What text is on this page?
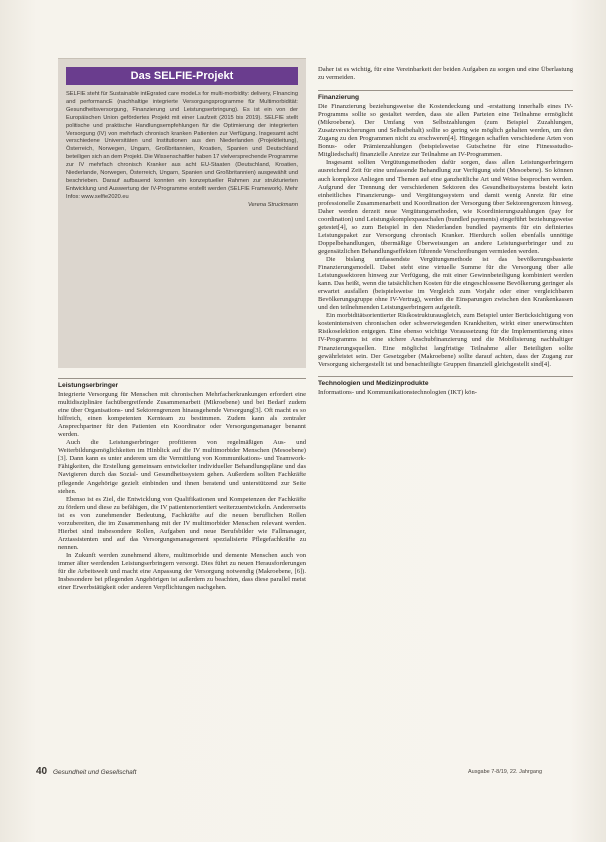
Das SELFIE-Projekt
SELFIE steht für Sustainable intEgrated care modeLs for multi-morbidity: delivery, FInancing and performancE (nachhaltige integrierte Versorgungsprogramme für Multimorbidität: Gesundheitsversorgung, Finanzierung und Leistungserbringung). Es ist ein von der Europäischen Union gefördertes Projekt mit einer Laufzeit (2015 bis 2019). SELFIE stellt politische und praktische Handlungsempfehlungen für die Optimierung der integrierten Versorgung (IV) von mehrfach chronisch kranken Patienten zur Verfügung. Insgesamt acht verschiedene Universitäten und Institutionen aus den Niederlanden (Projektleitung), Österreich, Norwegen, Ungarn, Großbritannien, Kroatien, Spanien und Deutschland beteiligen sich an dem Projekt. Die Wissenschaftler haben 17 vielversprechende Programme zur IV mehrfach chronisch Kranker aus acht EU-Staaten (Deutschland, Kroatien, Niederlande, Norwegen, Österreich, Ungarn, Spanien und Großbritannien) ausgewählt und beschrieben. Darauf aufbauend konnten ein konzeptueller Rahmen zur strukturierten Entwicklung und Auswertung der IV-Programme erstellt werden (SELFIE Framework). Mehr Infos: www.selfie2020.eu
Verena Struckmann
Leistungserbringer

Integrierte Versorgung für Menschen mit chronischen Mehrfacherkrankungen erfordert eine multidisziplinäre fachübergreifende Zusammenarbeit (Mikroebene) und bei Bedarf zudem eine über Organisations- und Sektorengrenzen hinausgehende Versorgung[3]. Oft macht es so hilfreich, einen kompetenten Kernteam zu bestimmen. Zudem kann als zentraler Ansprechpartner für den Patienten ein Koordinator oder Versorgungsmanager benannt werden.

Auch die Leistungserbringer profitieren von regelmäßigen Aus- und Weiterbildungsmöglichkeiten im Hinblick auf die IV multimorbider Menschen (Mesoebene)[3]. Dann kann es unter anderem um die Vermittlung von Kommunikations- und Teamwork-Fähigkeiten, die Erstellung gemeinsam entwickelter individueller Behandlungspläne und das Navigieren durch das Sozial- und Gesundheitssystem gehen. Außerdem sollten Fachkräfte pflegende Angehörige gezielt einbinden und ihnen beratend und unterstützend zur Seite stehen.

Ebenso ist es Ziel, die Entwicklung von Qualifikationen und Kompetenzen der Fachkräfte zu fördern und diese zu befähigen, die IV patientenorientiert weiterzuentwickeln. Andererseits ist es von zunehmender Bedeutung, Fachkräfte auf die neuen beruflichen Rollen vorzubereiten, die im Zusammenhang mit der IV multimorbider Menschen relevant werden. Hierbei sind insbesondere Rollen, Aufgaben und neue Berufsbilder wie Fallmanager, Arztassistenten und auf das Versorgungsmanagement spezialisierte Pflegefachkräfte zu nennen.

In Zukunft werden zunehmend ältere, multimorbide und demente Menschen auch von immer älter werdenden Leistungserbringern versorgt. Dies führt zu neuen Herausforderungen für die Arbeitswelt und macht eine Anpassung der Versorgung notwendig (Makroebene, [6]). Insbesondere bei pflegenden Angehörigen ist außerdem zu beachten, dass diese parallel meist einer Erwerbstätigkeit oder anderen Verpflichtungen nachgehen.

Daher ist es wichtig, für eine Vereinbarkeit der beiden Aufgaben zu sorgen und eine Überlastung zu vermeiden.

Finanzierung

Die Finanzierung beziehungsweise die Kostendeckung und -erstattung innerhalb eines IV-Programms sollte so gestaltet werden, dass sie allen Parteien eine Teilnahme ermöglicht (Mikroebene). Der Umfang von Selbstzahlungen (zum Beispiel Zuzahlungen, Zusatzversicherungen und Selbstbehalt) sollte so gering wie möglich gehalten werden, um den Zugang zu den Programmen nicht zu erschweren[4]. Hingegen schaffen verschiedene Arten von Bonus- oder Prämienzahlungen (beispielsweise Gutscheine für eine Fitnessstudio-Mitgliedschaft) finanzielle Anreize zur Teilnahme an IV-Programmen.

Insgesamt sollten Vergütungsmethoden dafür sorgen, dass allen Leistungserbringern ausreichend Zeit für eine umfassende Behandlung zur Verfügung steht (Mesoebene). So können auch komplexe Anliegen und Themen auf eine ganzheitliche Art und Weise besprochen werden. Aufgrund der Trennung der verschiedenen Sektoren des Gesundheitssystems besteht kein einheitliches Finanzierungs- und Vergütungssystem und damit wenig Anreiz für eine professionelle Zusammenarbeit und Koordination der Versorgung über Sektorengrenzen hinweg. Daher werden derzeit neue Vergütungsmethoden, wie Koordinierungszahlungen (pay for coordination) und Leistungskomplexpauschalen (bundled payments) eingeführt beziehungsweise getestet[4], so zum Beispiel in den Niederlanden bundled payments für ein definiertes Leistungspaket zur Versorgung chronisch Kranker. Hierdurch sollen ebenfalls unnötige Doppelbehandlungen, übermäßige Überweisungen an andere Leistungserbringer und zu gegensätzlichen Behandlungseffekten führende Verschreibungen vermieden werden.

Die bislang umfassendste Vergütungsmethode ist das bevölkerungsbasierte Finanzierungsmodell. Dabei steht eine virtuelle Summe für die Versorgung über alle Leistungssektoren hinweg zur Verfügung, die mit einer Gewinnbeteiligung kombiniert werden kann. Das heißt, wenn die tatsächlichen Kosten für die eingeschlossene Bevölkerung geringer als erwartet ausfallen (beispielsweise im Vergleich zum Vorjahr oder einer vergleichbaren Bevölkerungsgruppe ohne IV-Vertrag), werden die Einsparungen zwischen den Krankenkassen und den teilnehmenden Leistungserbringern aufgeteilt.

Ein morbiditätsorientierter Risikostrukturausgleich, zum Beispiel unter Berücksichtigung von kostenintensiven chronischen oder schwerwiegenden Krankheiten, wirkt einer unerwünschten Risikoselektion entgegen. Eine ebenso wichtige Voraussetzung für die Implementierung eines IV-Programms ist eine sichere Anschubfinanzierung und die Mobilisierung nachhaltiger Finanzierungsquellen. Eine möglichst langfristige Teilnahme aller Beteiligten sollte gewährleistet sein. Der Gesetzgeber (Makroebene) sollte darauf achten, dass der Zugang zur Versorgung sichergestellt ist und benachteiligte Gruppen finanziell gleichgestellt sind[4].

Technologien und Medizinprodukte

Informations- und Kommunikationstechnologien (IKT) kön-

40 Gesundheit und Gesellschaft	Ausgabe 7-8/19, 22. Jahrgang
